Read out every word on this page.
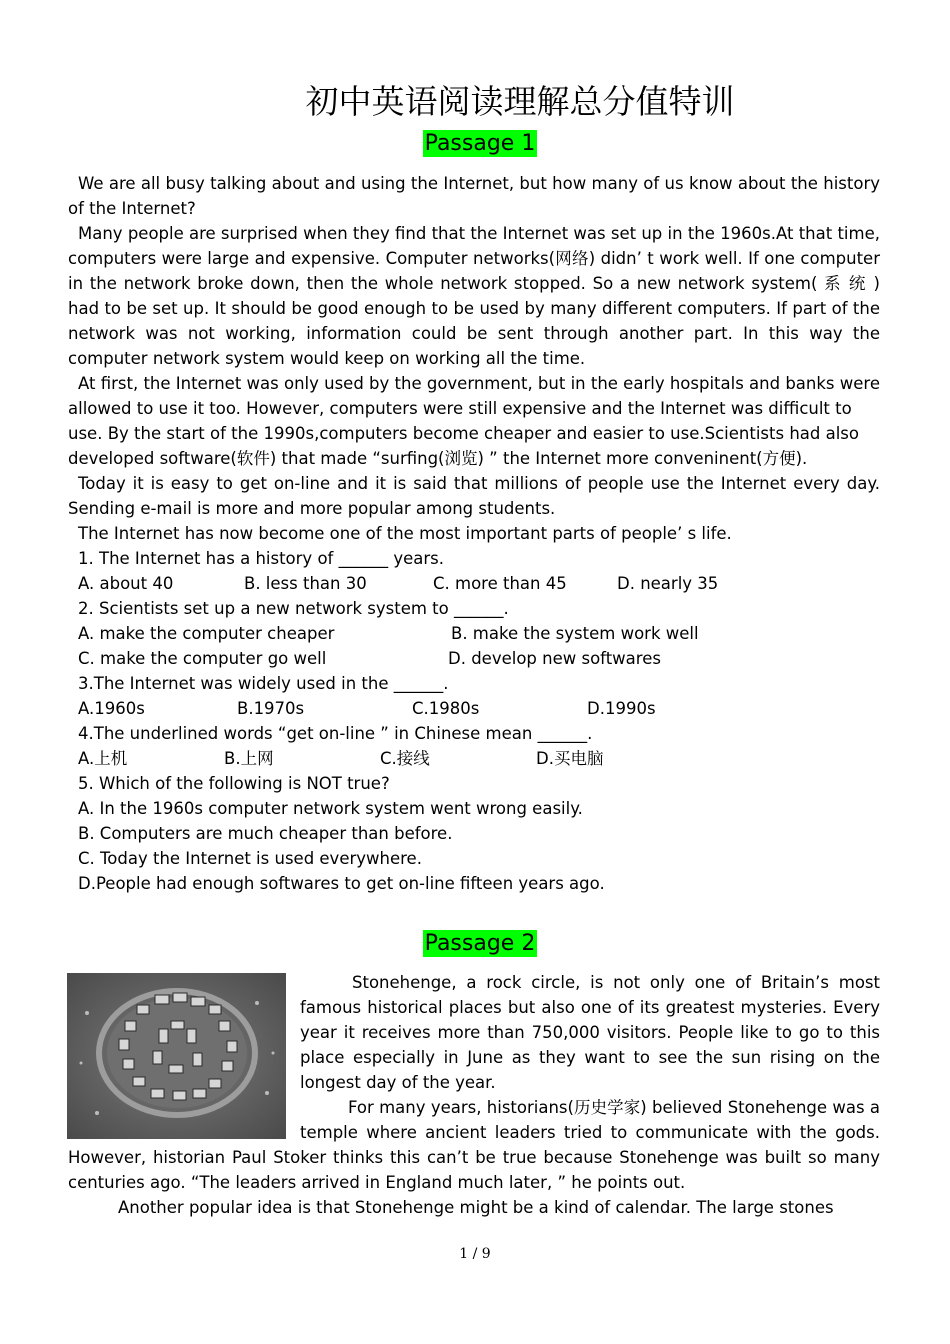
初中英语阅读理解总分值特训
Passage 1

We are all busy talking about and using the Internet, but how many of us know about the history of the Internet?

Many people are surprised when they find that the Internet was set up in the 1960s.At that time, computers were large and expensive. Computer networks(网络) didn’ t work well. If one computer in the network broke down, then the whole network stopped. So a new network system( 系 统 ) had to be set up. It should be good enough to be used by many different computers. If part of the network was not working, information could be sent through another part. In this way the computer network system would keep on working all the time.

At first, the Internet was only used by the government, but in the early hospitals and banks were allowed to use it too. However, computers were still expensive and the Internet was difficult to use. By the start of the 1990s,computers become cheaper and easier to use.Scientists had also developed software(软件) that made “surfing(浏览) ” the Internet more conveninent(方便).

Today it is easy to get on-line and it is said that millions of people use the Internet every day. Sending e-mail is more and more popular among students.

The Internet has now become one of the most important parts of people’ s life.

1. The Internet has a history of ______ years.

A. about 40	B. less than 30	C. more than 45	D. nearly 35

2. Scientists set up a new network system to ______.

A. make the computer cheaper	B. make the system work well
C. make the computer go well	D. develop new softwares

3.The Internet was widely used in the ______.

A.1960s	B.1970s	C.1980s	D.1990s

4.The underlined words “get on-line ” in Chinese mean ______.

A.上机	B.上网	C.接线	D.买电脑

5. Which of the following is NOT true?

A. In the 1960s computer network system went wrong easily.

B. Computers are much cheaper than before.

C. Today the Internet is used everywhere.

D.People had enough softwares to get on-line fifteen years ago.

Passage 2

Stonehenge, a rock circle, is not only one of Britain’s most famous historical places but also one of its greatest mysteries. Every year it receives more than 750,000 visitors. People like to go to this place especially in June as they want to see the sun rising on the longest day of the year.

For many years, historians(历史学家) believed Stonehenge was a temple where ancient leaders tried to communicate with the gods. However, historian Paul Stoker thinks this can’t be true because Stonehenge was built so many centuries ago. “The leaders arrived in England much later, ” he points out.

Another popular idea is that Stonehenge might be a kind of calendar. The large stones

1 / 9
